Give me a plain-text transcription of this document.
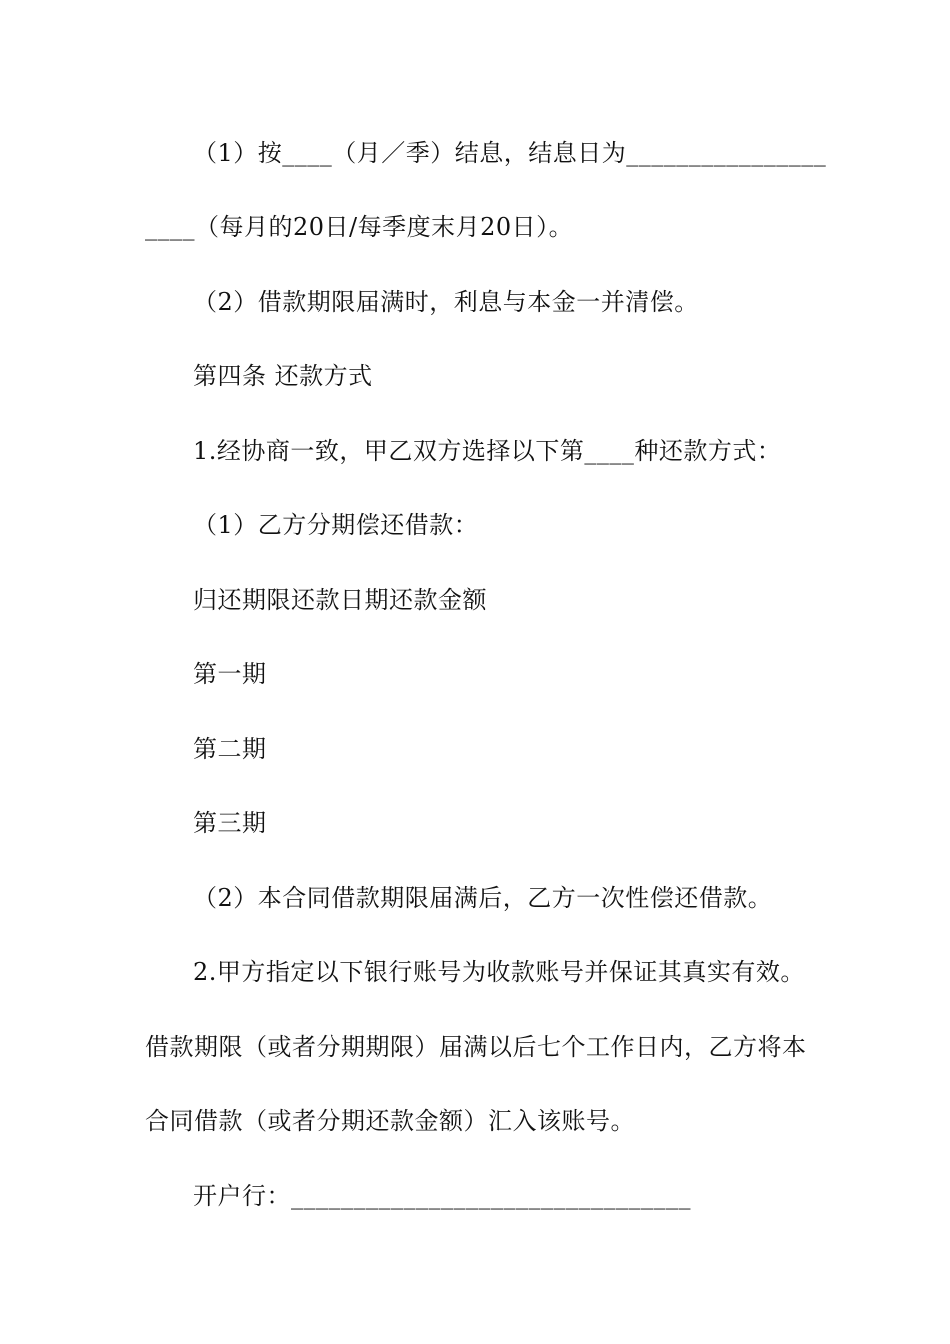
（1）按____（月／季）结息，结息日为________________
____（每月的20日/每季度末月20日）。
（2）借款期限届满时，利息与本金一并清偿。
第四条 还款方式
1.经协商一致，甲乙双方选择以下第____种还款方式：
（1）乙方分期偿还借款：
归还期限还款日期还款金额
第一期
第二期
第三期
（2）本合同借款期限届满后，乙方一次性偿还借款。
2.甲方指定以下银行账号为收款账号并保证其真实有效。
借款期限（或者分期期限）届满以后七个工作日内，乙方将本
合同借款（或者分期还款金额）汇入该账号。
开户行：________________________________
